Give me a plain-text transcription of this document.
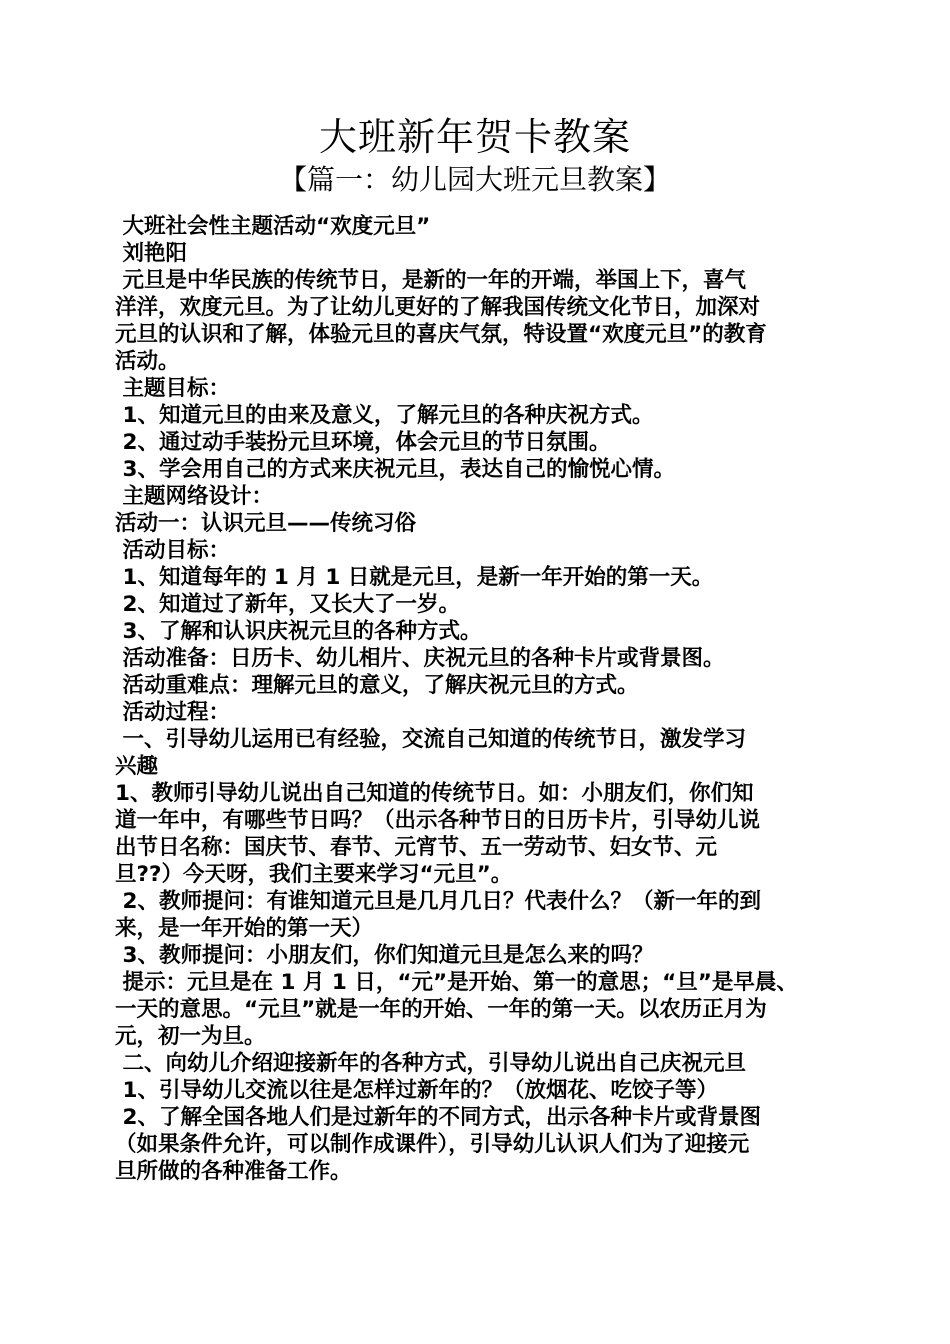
大班新年贺卡教案
【篇一：幼儿园大班元旦教案】
大班社会性主题活动“欢度元旦”
刘艳阳
元旦是中华民族的传统节日，是新的一年的开端，举国上下，喜气
洋洋，欢度元旦。为了让幼儿更好的了解我国传统文化节日，加深对
元旦的认识和了解，体验元旦的喜庆气氛，特设置“欢度元旦”的教育
活动。
主题目标：
1、知道元旦的由来及意义，了解元旦的各种庆祝方式。
2、通过动手装扮元旦环境，体会元旦的节日氛围。
3、学会用自己的方式来庆祝元旦，表达自己的愉悦心情。
主题网络设计：
活动一：认识元旦——传统习俗
活动目标：
1、知道每年的 1 月 1 日就是元旦，是新一年开始的第一天。
2、知道过了新年，又长大了一岁。
3、了解和认识庆祝元旦的各种方式。
活动准备：日历卡、幼儿相片、庆祝元旦的各种卡片或背景图。
活动重难点：理解元旦的意义，了解庆祝元旦的方式。
活动过程：
一、引导幼儿运用已有经验，交流自己知道的传统节日，激发学习
兴趣
1、教师引导幼儿说出自己知道的传统节日。如：小朋友们，你们知
道一年中，有哪些节日吗？（出示各种节日的日历卡片，引导幼儿说
出节日名称：国庆节、春节、元宵节、五一劳动节、妇女节、元
旦??）今天呀，我们主要来学习“元旦”。
2、教师提问：有谁知道元旦是几月几日？代表什么？（新一年的到
来，是一年开始的第一天）
3、教师提问：小朋友们，你们知道元旦是怎么来的吗？
提示：元旦是在 1 月 1 日，“元”是开始、第一的意思；“旦”是早晨、
一天的意思。“元旦”就是一年的开始、一年的第一天。以农历正月为
元，初一为旦。
二、向幼儿介绍迎接新年的各种方式，引导幼儿说出自己庆祝元旦
1、引导幼儿交流以往是怎样过新年的？（放烟花、吃饺子等）
2、了解全国各地人们是过新年的不同方式，出示各种卡片或背景图
（如果条件允许，可以制作成课件），引导幼儿认识人们为了迎接元
旦所做的各种准备工作。
